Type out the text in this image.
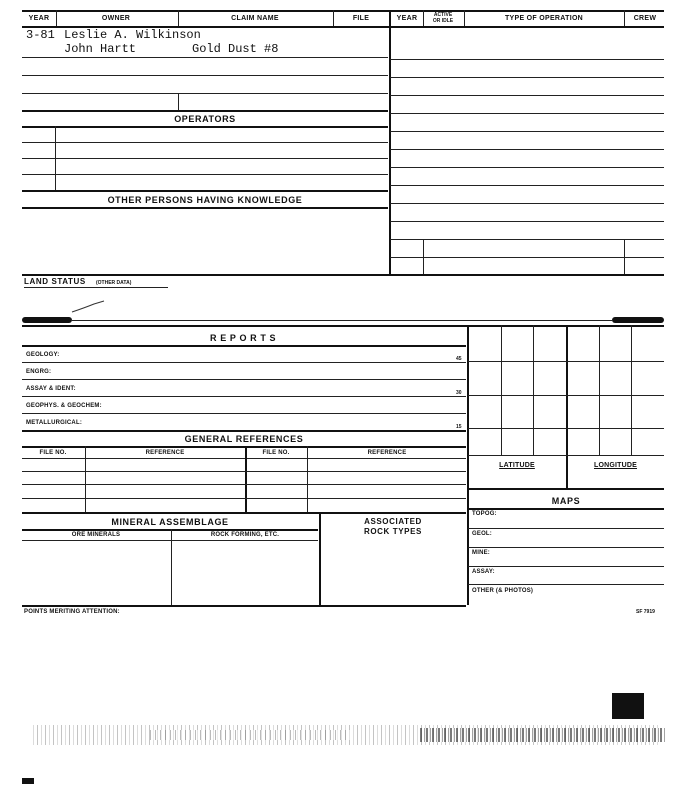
YEAR	OWNER	CLAIM NAME	FILE	YEAR	ACTIVE
OR IDLE	TYPE OF OPERATION	CREW
3-81 Leslie A. Wilkinson
John Hartt	Gold Dust #8
OPERATORS
OTHER PERSONS HAVING KNOWLEDGE
LAND STATUS (OTHER DATA)
R E P O R T S
GEOLOGY:
ENGRG:
ASSAY & IDENT:
GEOPHYS. & GEOCHEM:
METALLURGICAL:
45
30
15
GENERAL REFERENCES
FILE NO.	REFERENCE	FILE NO.	REFERENCE
MINERAL ASSEMBLAGE
ORE MINERALS	ROCK FORMING, ETC.
ASSOCIATED
ROCK TYPES
LATITUDE	LONGITUDE
MAPS
TOPOG:
GEOL:
MINE:
ASSAY:
OTHER (& PHOTOS)
POINTS MERITING ATTENTION:	SF 7919
